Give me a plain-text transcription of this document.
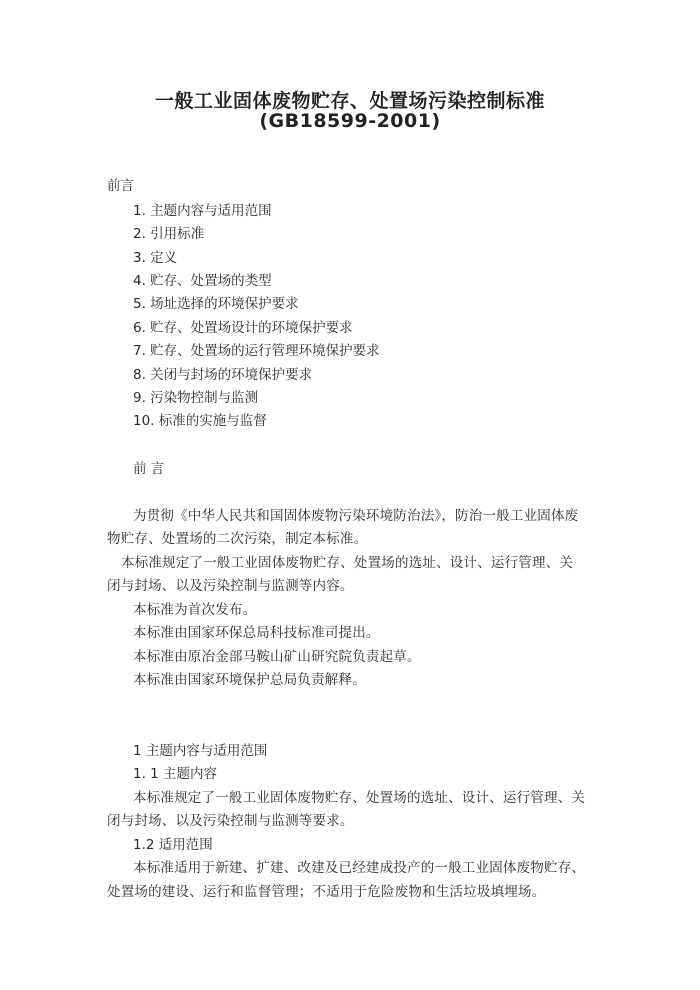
一般工业固体废物贮存、处置场污染控制标准
(GB18599-2001)
前言
1. 主题内容与适用范围
2. 引用标准
3. 定义
4. 贮存、处置场的类型
5. 场址选择的环境保护要求
6. 贮存、处置场设计的环境保护要求
7. 贮存、处置场的运行管理环境保护要求
8. 关闭与封场的环境保护要求
9. 污染物控制与监测
10. 标准的实施与监督
前 言
为贯彻《中华人民共和国固体废物污染环境防治法》，防治一般工业固体废
物贮存、处置场的二次污染，制定本标准。
本标准规定了一般工业固体废物贮存、处置场的选址、设计、运行管理、关
闭与封场、以及污染控制与监测等内容。
本标准为首次发布。
本标准由国家环保总局科技标准司提出。
本标准由原冶金部马鞍山矿山研究院负责起草。
本标准由国家环境保护总局负责解释。
1 主题内容与适用范围
1. 1 主题内容
本标准规定了一般工业固体废物贮存、处置场的选址、设计、运行管理、关
闭与封场、以及污染控制与监测等要求。
1.2 适用范围
本标准适用于新建、扩建、改建及已经建成投产的一般工业固体废物贮存、
处置场的建设、运行和监督管理；不适用于危险废物和生活垃圾填埋场。
